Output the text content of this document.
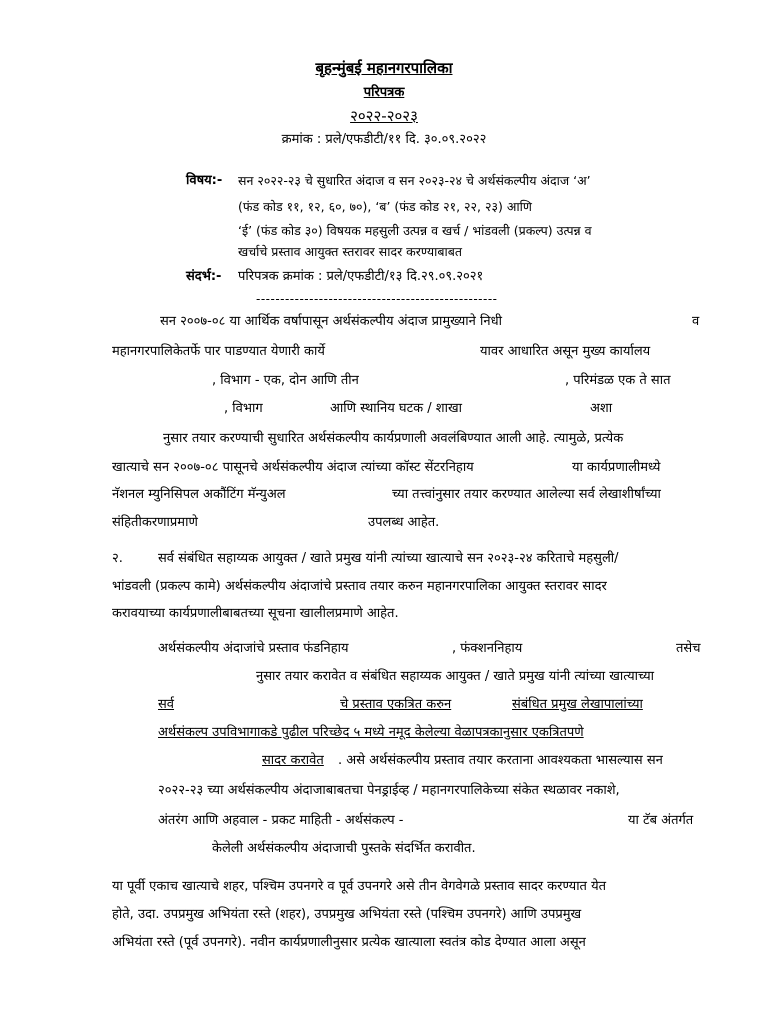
बृहन्मुंबई महानगरपालिका
परिपत्रक
२०२२-२०२३
क्रमांक : प्रले/एफडीटी/११ दि. ३०.०९.२०२२
विषय:- सन २०२२-२३ चे सुधारित अंदाज व सन २०२३-२४ चे अर्थसंकल्पीय अंदाज ‘अ’
(फंड कोड ११, १२, ६०, ७०), ‘ब’ (फंड कोड २१, २२, २३) आणि
‘ई’ (फंड कोड ३०) विषयक महसुली उत्पन्न व खर्च / भांडवली (प्रकल्प) उत्पन्न व
खर्चाचे प्रस्ताव आयुक्त स्तरावर सादर करण्याबाबत
संदर्भ:- परिपत्रक क्रमांक : प्रले/एफडीटी/१३ दि.२९.०९.२०२१
--------------------------------------------------
सन २००७-०८ या आर्थिक वर्षापासून अर्थसंकल्पीय अंदाज प्रामुख्याने निधी	व
महानगरपालिकेतर्फे पार पाडण्यात येणारी कार्ये	यावर आधारित असून मुख्य कार्यालय
, विभाग - एक, दोन आणि तीन	, परिमंडळ एक ते सात
, विभाग	आणि स्थानिय घटक / शाखा	अशा
नुसार तयार करण्याची सुधारित अर्थसंकल्पीय कार्यप्रणाली अवलंबिण्यात आली आहे. त्यामुळे, प्रत्येक
खात्याचे सन २००७-०८ पासूनचे अर्थसंकल्पीय अंदाज त्यांच्या कॉस्ट सेंटरनिहाय	या कार्यप्रणालीमध्ये
नॅशनल म्युनिसिपल अकौंटिंग मॅन्युअल	च्या तत्त्वांनुसार तयार करण्यात आलेल्या सर्व लेखाशीर्षांच्या
संहितीकरणाप्रमाणे	उपलब्ध आहेत.
२.	सर्व संबंधित सहाय्यक आयुक्त / खाते प्रमुख यांनी त्यांच्या खात्याचे सन २०२३-२४ करिताचे महसुली/
भांडवली (प्रकल्प कामे) अर्थसंकल्पीय अंदाजांचे प्रस्ताव तयार करुन महानगरपालिका आयुक्त स्तरावर सादर
करावयाच्या कार्यप्रणालीबाबतच्या सूचना खालीलप्रमाणे आहेत.
अर्थसंकल्पीय अंदाजांचे प्रस्ताव फंडनिहाय	, फंक्शननिहाय	तसेच
नुसार तयार करावेत व संबंधित सहाय्यक आयुक्त / खाते प्रमुख यांनी त्यांच्या खात्याच्या
सर्व	चे प्रस्ताव एकत्रित करुन	संबंधित प्रमुख लेखापालांच्या
अर्थसंकल्प उपविभागाकडे पुढील परिच्छेद ५ मध्ये नमूद केलेल्या वेळापत्रकानुसार एकत्रितपणे
सादर करावेत . असे अर्थसंकल्पीय प्रस्ताव तयार करताना आवश्यकता भासल्यास सन
२०२२-२३ च्या अर्थसंकल्पीय अंदाजाबाबतचा पेनड्राईव्ह / महानगरपालिकेच्या संकेत स्थळावर नकाशे,
अंतरंग आणि अहवाल - प्रकट माहिती - अर्थसंकल्प -	या टॅब अंतर्गत
केलेली अर्थसंकल्पीय अंदाजाची पुस्तके संदर्भित करावीत.
या पूर्वी एकाच खात्याचे शहर, पश्चिम उपनगरे व पूर्व उपनगरे असे तीन वेगवेगळे प्रस्ताव सादर करण्यात येत
होते, उदा. उपप्रमुख अभियंता रस्ते (शहर), उपप्रमुख अभियंता रस्ते (पश्चिम उपनगरे) आणि उपप्रमुख
अभियंता रस्ते (पूर्व उपनगरे). नवीन कार्यप्रणालीनुसार प्रत्येक खात्याला स्वतंत्र कोड देण्यात आला असून
